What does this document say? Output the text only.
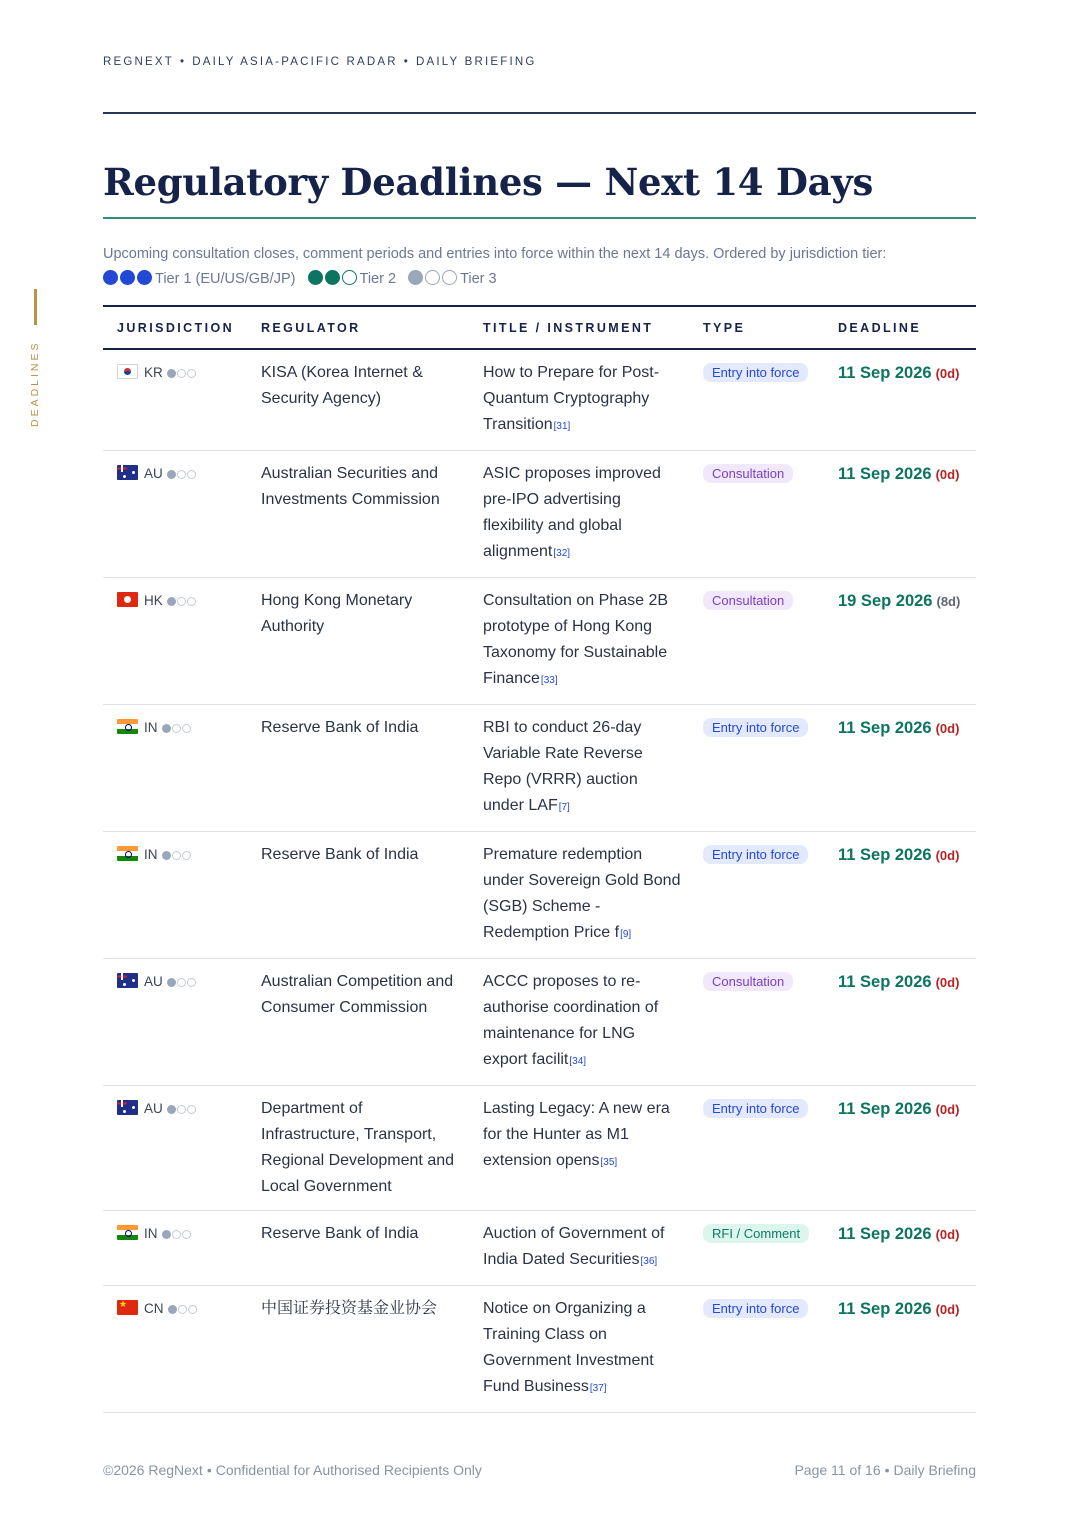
REGNEXT • DAILY ASIA-PACIFIC RADAR • DAILY BRIEFING
DEADLINES
Regulatory Deadlines — Next 14 Days
Upcoming consultation closes, comment periods and entries into force within the next 14 days. Ordered by jurisdiction tier:

Tier 1 (EU/US/GB/JP)	Tier 2	Tier 3
JURISDICTION	REGULATOR	TITLE / INSTRUMENT	TYPE	DEADLINE
KR	KISA (Korea Internet & Security Agency)	How to Prepare for Post-Quantum Cryptography Transition[31]	Entry into force	11 Sep 2026 (0d)
AU	Australian Securities and Investments Commission	ASIC proposes improved pre-IPO advertising flexibility and global alignment[32]	Consultation	11 Sep 2026 (0d)
HK	Hong Kong Monetary Authority	Consultation on Phase 2B prototype of Hong Kong Taxonomy for Sustainable Finance[33]	Consultation	19 Sep 2026 (8d)
IN	Reserve Bank of India	RBI to conduct 26-day Variable Rate Reverse Repo (VRRR) auction under LAF[7]	Entry into force	11 Sep 2026 (0d)
IN	Reserve Bank of India	Premature redemption under Sovereign Gold Bond (SGB) Scheme - Redemption Price f[9]	Entry into force	11 Sep 2026 (0d)
AU	Australian Competition and Consumer Commission	ACCC proposes to re-authorise coordination of maintenance for LNG export facilit[34]	Consultation	11 Sep 2026 (0d)
AU	Department of Infrastructure, Transport, Regional Development and Local Government	Lasting Legacy: A new era for the Hunter as M1 extension opens[35]	Entry into force	11 Sep 2026 (0d)
IN	Reserve Bank of India	Auction of Government of India Dated Securities[36]	RFI / Comment	11 Sep 2026 (0d)
★CN	中国证券投资基金业协会	Notice on Organizing a Training Class on Government Investment Fund Business[37]	Entry into force	11 Sep 2026 (0d)
©2026 RegNext • Confidential for Authorised Recipients Only	Page 11 of 16 • Daily Briefing
